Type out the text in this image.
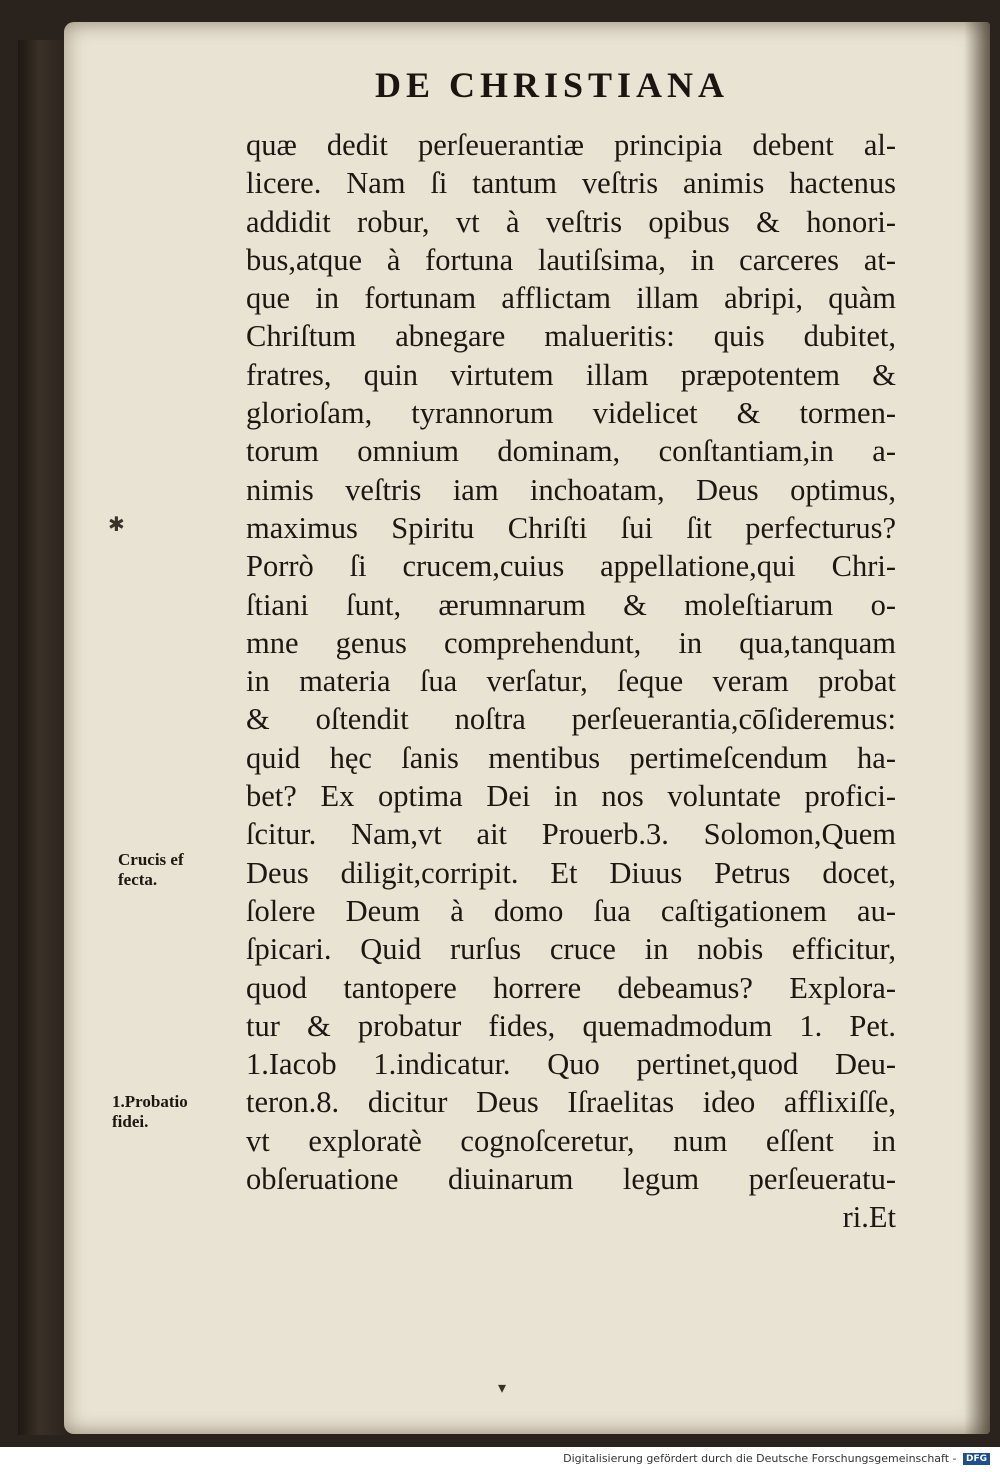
DE CHRISTIANA
quæ dedit perſeuerantiæ principia debent al-
licere. Nam ſi tantum veſtris animis hactenus
addidit robur, vt à veſtris opibus & honori-
bus,atque à fortuna lautiſsima, in carceres at-
que in fortunam afflictam illam abripi, quàm
Chriſtum abnegare malueritis: quis dubitet,
fratres, quin virtutem illam præpotentem &
glorioſam, tyrannorum videlicet & tormen-
torum omnium dominam, conſtantiam,in a-
nimis veſtris iam inchoatam, Deus optimus,
maximus Spiritu Chriſti ſui ſit perfecturus?
Porrò ſi crucem,cuius appellatione,qui Chri-
ſtiani ſunt, ærumnarum & moleſtiarum o-
mne genus comprehendunt, in qua,tanquam
in materia ſua verſatur, ſeque veram probat
& oſtendit noſtra perſeuerantia,cōſideremus:
quid hęc ſanis mentibus pertimeſcendum ha-
bet? Ex optima Dei in nos voluntate profici-
ſcitur. Nam,vt ait Prouerb.3. Solomon,Quem
Deus diligit,corripit. Et Diuus Petrus docet,
ſolere Deum à domo ſua caſtigationem au-
ſpicari. Quid rurſus cruce in nobis efficitur,
quod tantopere horrere debeamus? Explora-
tur & probatur fides, quemadmodum 1. Pet.
1.Iacob 1.indicatur. Quo pertinet,quod Deu-
teron.8. dicitur Deus Iſraelitas ideo afflixiſſe,
vt exploratè cognoſceretur, num eſſent in
obſeruatione diuinarum legum perſeueratu-
ri.Et
✱
Crucis ef
fecta.
1.Probatio
fidei.
▾
Digitalisierung gefördert durch die Deutsche Forschungsgemeinschaft - DFG
